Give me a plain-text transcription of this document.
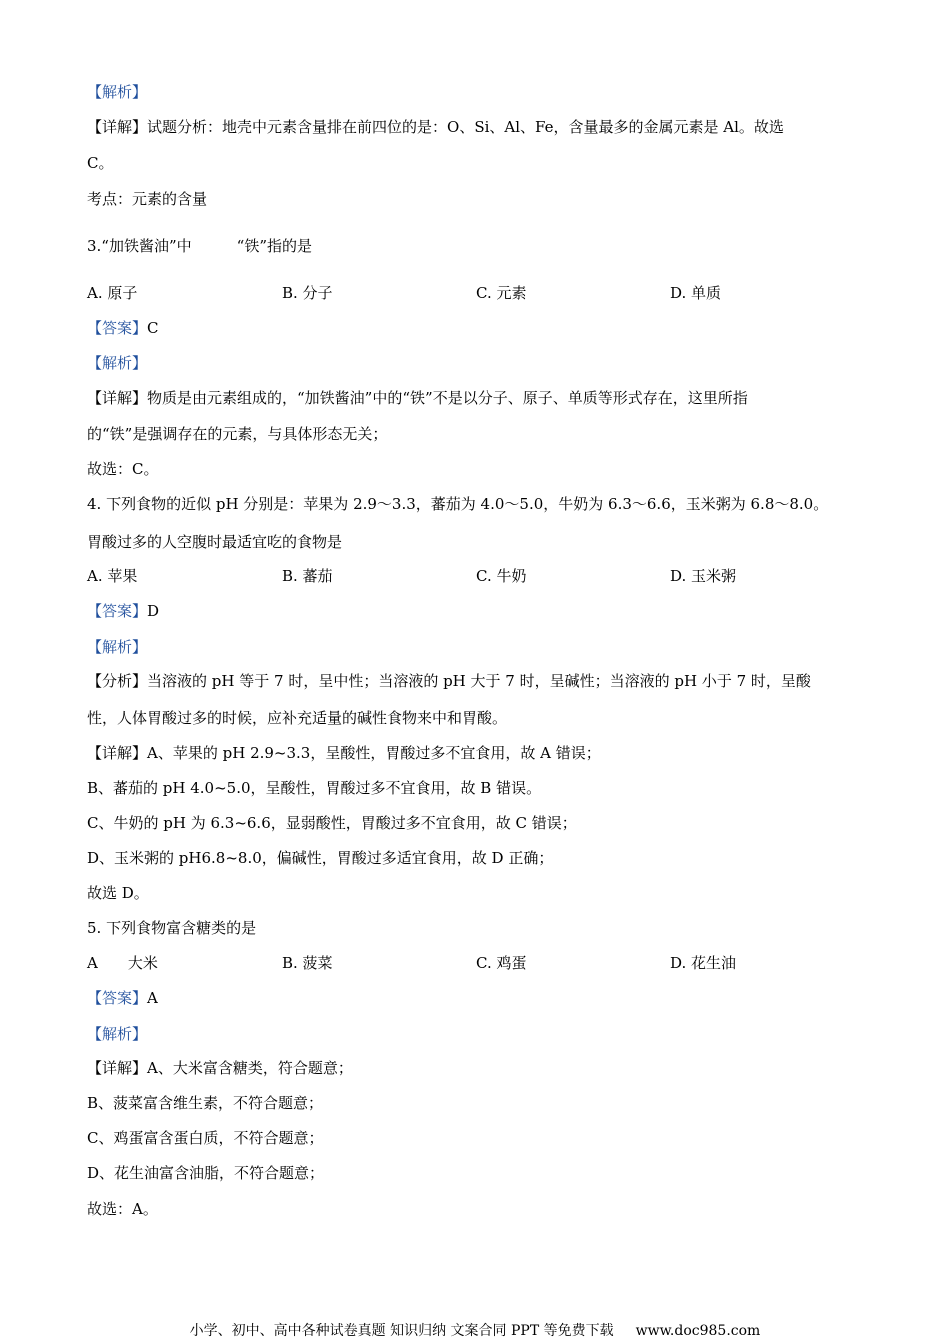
【解析】
【详解】试题分析：地壳中元素含量排在前四位的是：O、Si、Al、Fe，含量最多的金属元素是 Al。故选
C。
考点：元素的含量
3.“加铁酱油”中　　　“铁”指的是
A. 原子	B. 分子	C. 元素	D. 单质
【答案】C
【解析】
【详解】物质是由元素组成的，“加铁酱油”中的“铁”不是以分子、原子、单质等形式存在，这里所指
的“铁”是强调存在的元素，与具体形态无关；
故选：C。
4. 下列食物的近似 pH 分别是：苹果为 2.9～3.3，蕃茄为 4.0～5.0，牛奶为 6.3～6.6，玉米粥为 6.8～8.0。
胃酸过多的人空腹时最适宜吃的食物是
A. 苹果	B. 蕃茄	C. 牛奶	D. 玉米粥
【答案】D
【解析】
【分析】当溶液的 pH 等于 7 时，呈中性；当溶液的 pH 大于 7 时，呈碱性；当溶液的 pH 小于 7 时，呈酸
性，人体胃酸过多的时候，应补充适量的碱性食物来中和胃酸。
【详解】A、苹果的 pH 2.9~3.3，呈酸性，胃酸过多不宜食用，故 A 错误；
B、蕃茄的 pH 4.0~5.0，呈酸性，胃酸过多不宜食用，故 B 错误。
C、牛奶的 pH 为 6.3~6.6，显弱酸性，胃酸过多不宜食用，故 C 错误；
D、玉米粥的 pH6.8~8.0，偏碱性，胃酸过多适宜食用，故 D 正确；
故选 D。
5. 下列食物富含糖类的是
A　　大米	B. 菠菜	C. 鸡蛋	D. 花生油
【答案】A
【解析】
【详解】A、大米富含糖类，符合题意；
B、菠菜富含维生素，不符合题意；
C、鸡蛋富含蛋白质，不符合题意；
D、花生油富含油脂，不符合题意；
故选：A。
小学、初中、高中各种试卷真题 知识归纳 文案合同 PPT 等免费下载 www.doc985.com
